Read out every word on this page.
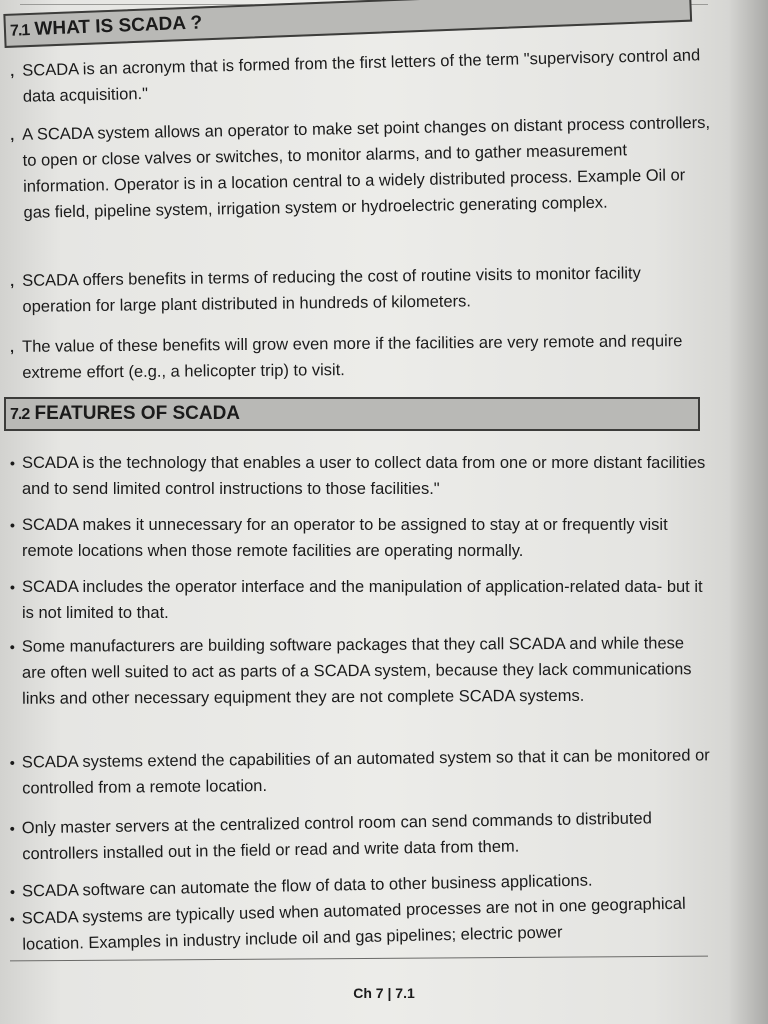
7.1 WHAT IS SCADA ?
, SCADA is an acronym that is formed from the first letters of the term "supervisory control and data acquisition."
, A SCADA system allows an operator to make set point changes on distant process controllers, to open or close valves or switches, to monitor alarms, and to gather measurement information. Operator is in a location central to a widely distributed process. Example Oil or gas field, pipeline system, irrigation system or hydroelectric generating complex.
, SCADA offers benefits in terms of reducing the cost of routine visits to monitor facility operation for large plant distributed in hundreds of kilometers.
, The value of these benefits will grow even more if the facilities are very remote and require extreme effort (e.g., a helicopter trip) to visit.
7.2 FEATURES OF SCADA
• SCADA is the technology that enables a user to collect data from one or more distant facilities and to send limited control instructions to those facilities."
• SCADA makes it unnecessary for an operator to be assigned to stay at or frequently visit remote locations when those remote facilities are operating normally.
• SCADA includes the operator interface and the manipulation of application-related data- but it is not limited to that.
• Some manufacturers are building software packages that they call SCADA and while these are often well suited to act as parts of a SCADA system, because they lack communications links and other necessary equipment they are not complete SCADA systems.
• SCADA systems extend the capabilities of an automated system so that it can be monitored or controlled from a remote location.
• Only master servers at the centralized control room can send commands to distributed controllers installed out in the field or read and write data from them.
• SCADA software can automate the flow of data to other business applications.
• SCADA systems are typically used when automated processes are not in one geographical location. Examples in industry include oil and gas pipelines; electric power
Ch 7 | 7.1
